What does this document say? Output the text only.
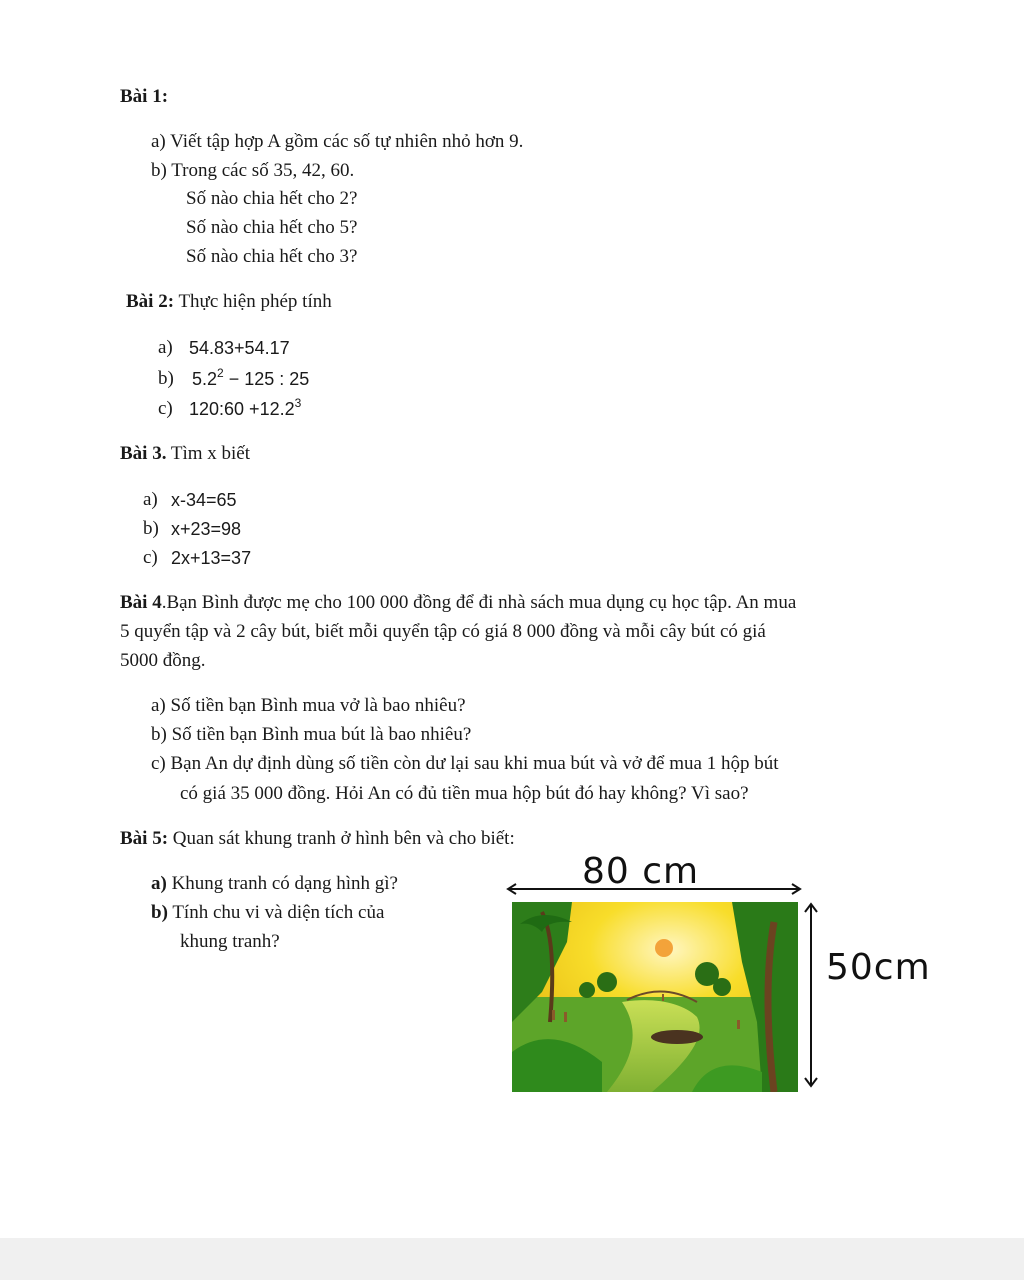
Bài 1:
a) Viết tập hợp A gồm các số tự nhiên nhỏ hơn 9.
b) Trong các số 35, 42, 60.
Số nào chia hết cho 2?
Số nào chia hết cho 5?
Số nào chia hết cho 3?
Bài 2: Thực hiện phép tính
a) 54.83+54.17
b) $5.2^2 - 125$ : 25
c) 120:60 $+12.2^3$
Bài 3. Tìm x biết
a) x-34=65
b) x+23=98
c) 2x+13=37
Bài 4.Bạn Bình được mẹ cho 100 000 đồng để đi nhà sách mua dụng cụ học tập. An mua
5 quyển tập và 2 cây bút, biết mỗi quyển tập có giá 8 000 đồng và mỗi cây bút có giá
5000 đồng.
a) Số tiền bạn Bình mua vở là bao nhiêu?
b) Số tiền bạn Bình mua bút là bao nhiêu?
c) Bạn An dự định dùng số tiền còn dư lại sau khi mua bút và vở để mua 1 hộp bút
có giá 35 000 đồng. Hỏi An có đủ tiền mua hộp bút đó hay không? Vì sao?
Bài 5: Quan sát khung tranh ở hình bên và cho biết:
a) Khung tranh có dạng hình gì?
b) Tính chu vi và diện tích của
khung tranh?
80 cm
50cm
